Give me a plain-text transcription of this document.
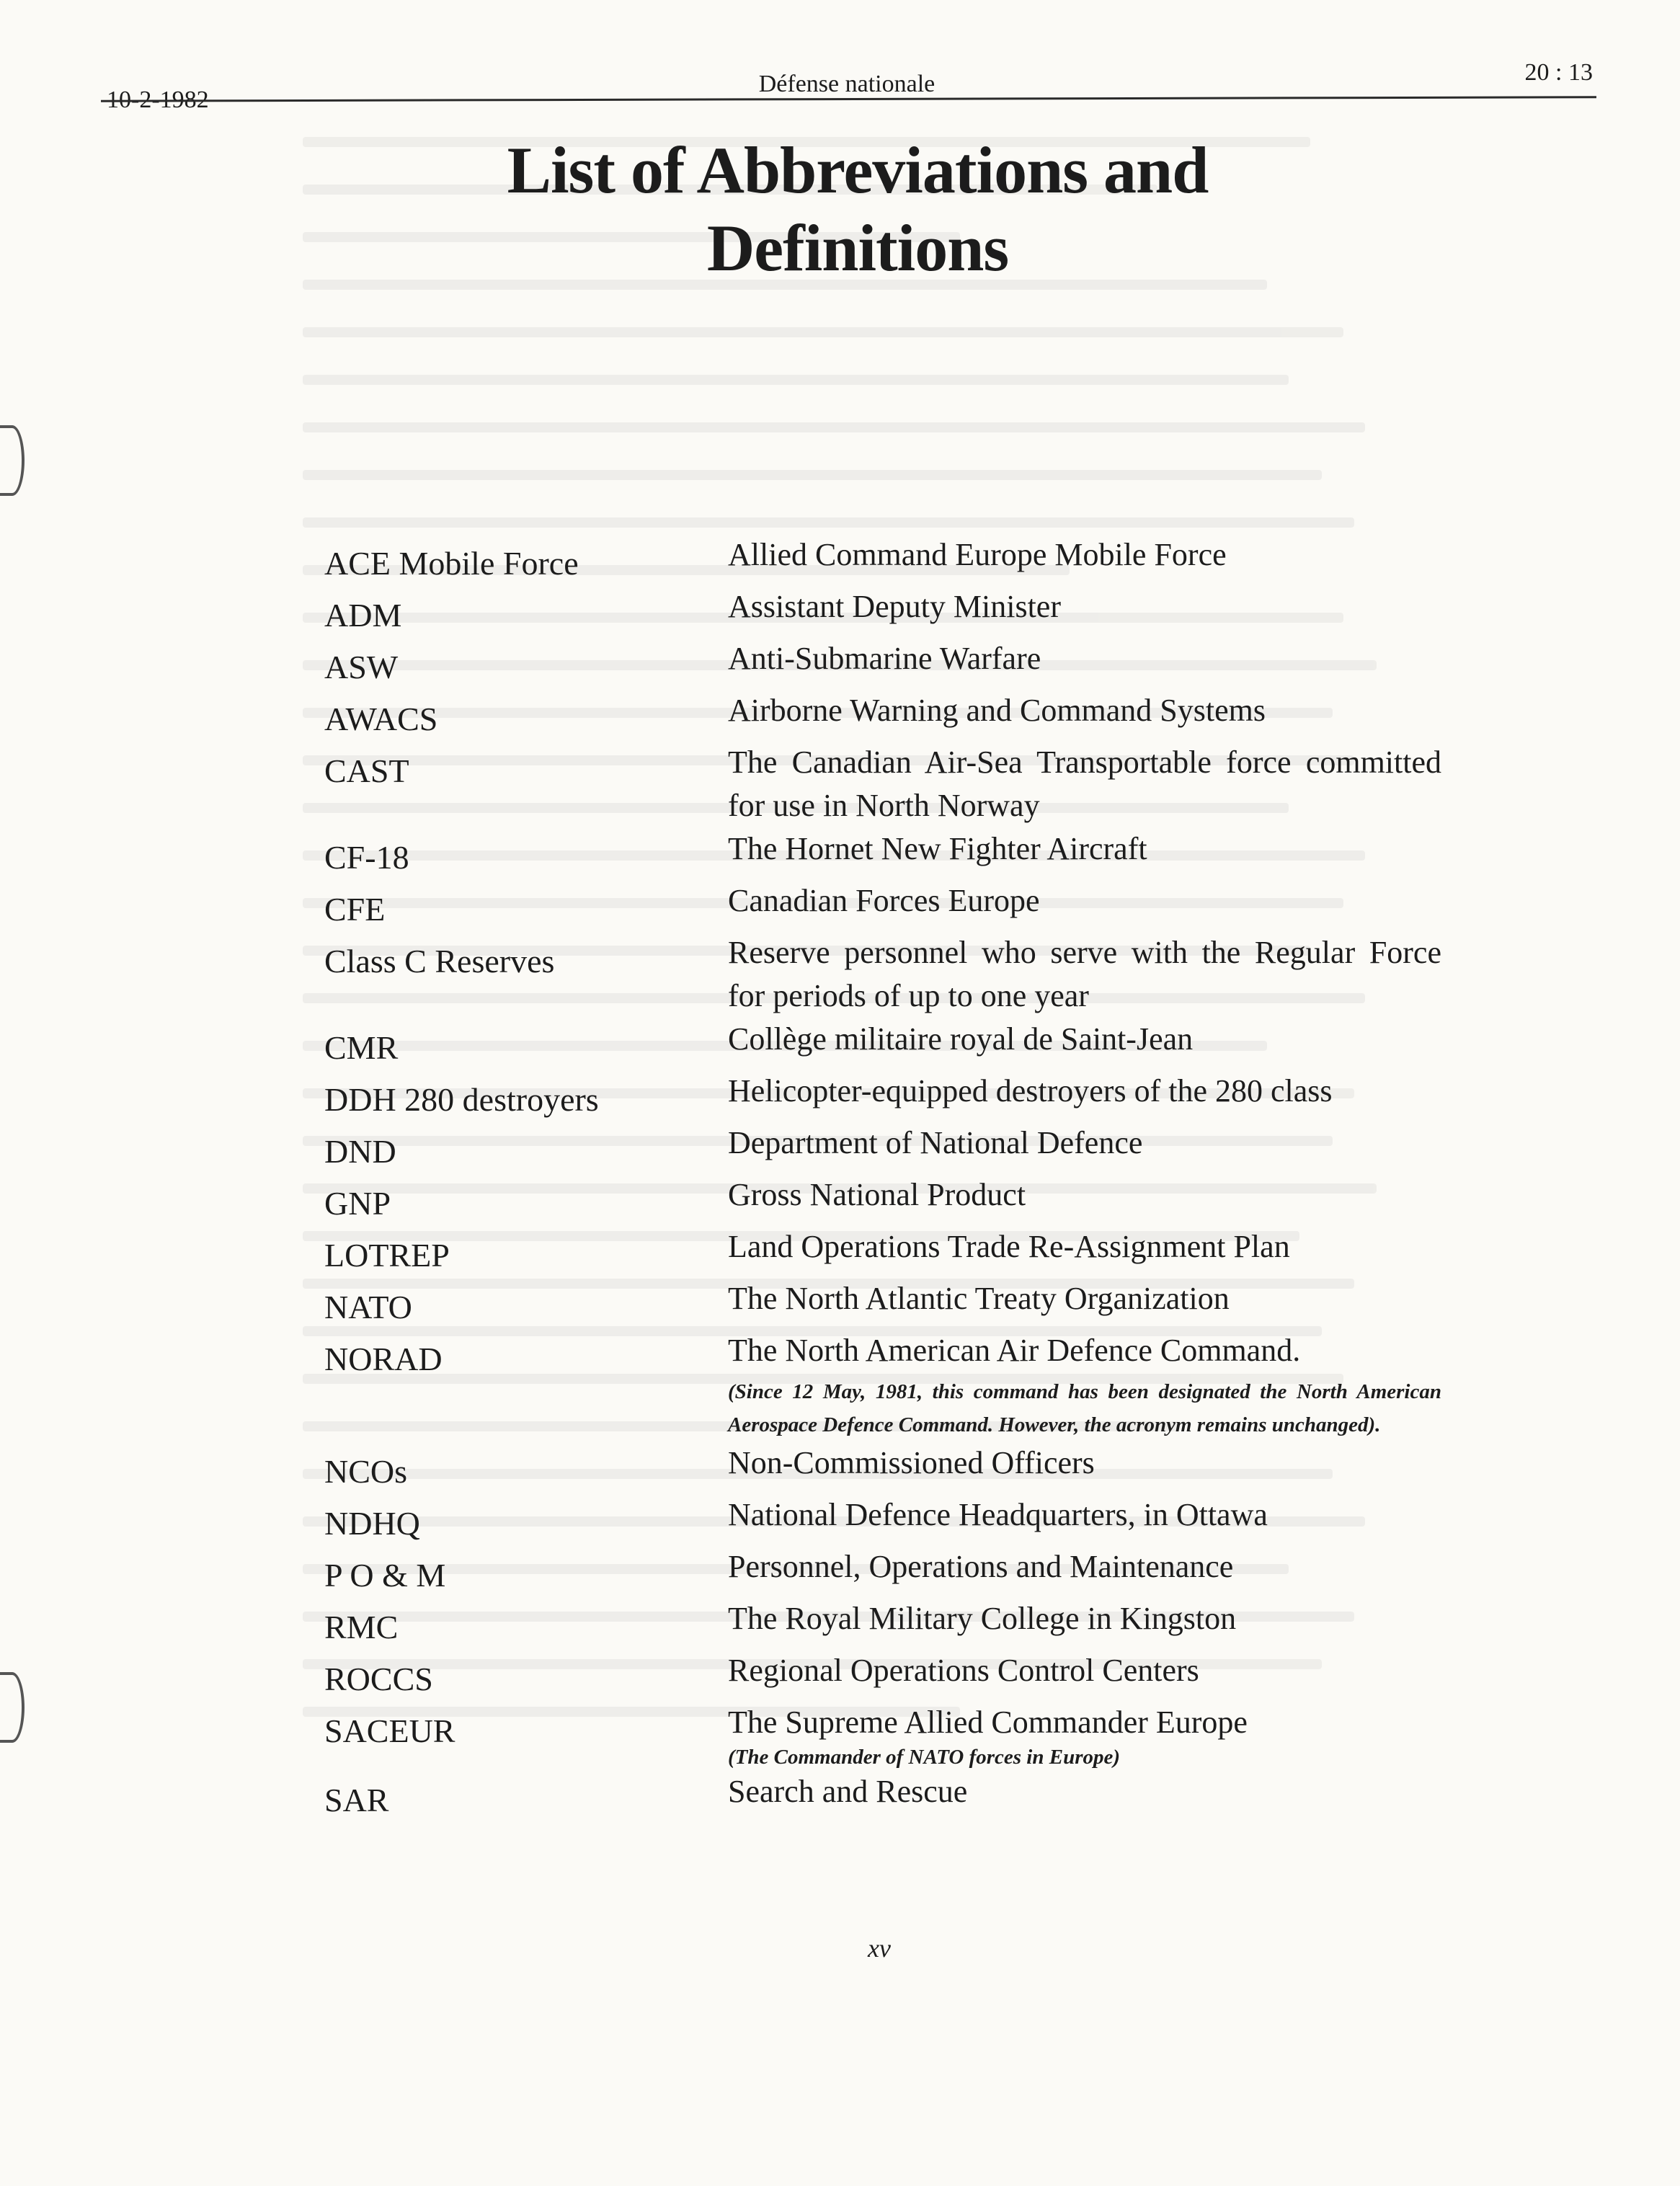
10-2-1982
Défense nationale	20 : 13
List of Abbreviations and
Definitions
ACE Mobile Force	Allied Command Europe Mobile Force
ADM	Assistant Deputy Minister
ASW	Anti-Submarine Warfare
AWACS	Airborne Warning and Command Systems
CAST	The Canadian Air-Sea Transportable force committed for use in North Norway
CF-18	The Hornet New Fighter Aircraft
CFE	Canadian Forces Europe
Class C Reserves	Reserve personnel who serve with the Regular Force for periods of up to one year
CMR	Collège militaire royal de Saint-Jean
DDH 280 destroyers	Helicopter-equipped destroyers of the 280 class
DND	Department of National Defence
GNP	Gross National Product
LOTREP	Land Operations Trade Re-Assignment Plan
NATO	The North Atlantic Treaty Organization
NORAD	The North American Air Defence Command.
(Since 12 May, 1981, this command has been designated the North American Aerospace Defence Command. However, the acronym remains unchanged).
NCOs	Non-Commissioned Officers
NDHQ	National Defence Headquarters, in Ottawa
P O & M	Personnel, Operations and Maintenance
RMC	The Royal Military College in Kingston
ROCCS	Regional Operations Control Centers
SACEUR	The Supreme Allied Commander Europe
(The Commander of NATO forces in Europe)
SAR	Search and Rescue
xv
